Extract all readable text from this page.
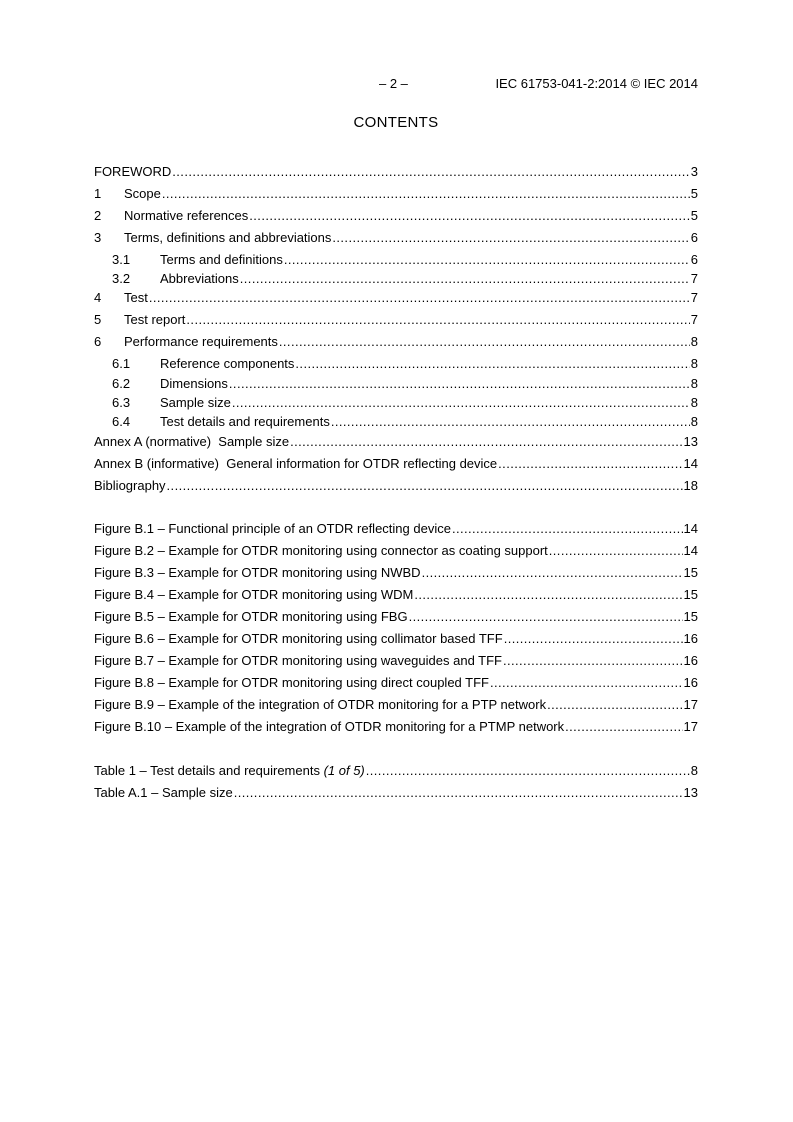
– 2 –	IEC 61753-041-2:2014 © IEC 2014
CONTENTS
FOREWORD .....	3
1	Scope .....	5
2	Normative references .....	5
3	Terms, definitions and abbreviations .....	6
3.1	Terms and definitions .....	6
3.2	Abbreviations .....	7
4	Test .....	7
5	Test report .....	7
6	Performance requirements .....	8
6.1	Reference components .....	8
6.2	Dimensions .....	8
6.3	Sample size .....	8
6.4	Test details and requirements .....	8
Annex A (normative)  Sample size .....	13
Annex B (informative)  General information for OTDR reflecting device .....	14
Bibliography .....	18
Figure B.1 – Functional principle of an OTDR reflecting device .....	14
Figure B.2 – Example for OTDR monitoring using connector as coating support .....	14
Figure B.3 – Example for OTDR monitoring using NWBD .....	15
Figure B.4 – Example for OTDR monitoring using WDM .....	15
Figure B.5 – Example for OTDR monitoring using FBG .....	15
Figure B.6 – Example for OTDR monitoring using collimator based TFF .....	16
Figure B.7 – Example for OTDR monitoring using waveguides and TFF .....	16
Figure B.8 – Example for OTDR monitoring using direct coupled TFF .....	16
Figure B.9 – Example of the integration of OTDR monitoring for a PTP network .....	17
Figure B.10 – Example of the integration of OTDR monitoring for a PTMP network .....	17
Table 1 – Test details and requirements (1 of 5) .....	8
Table A.1 – Sample size .....	13
